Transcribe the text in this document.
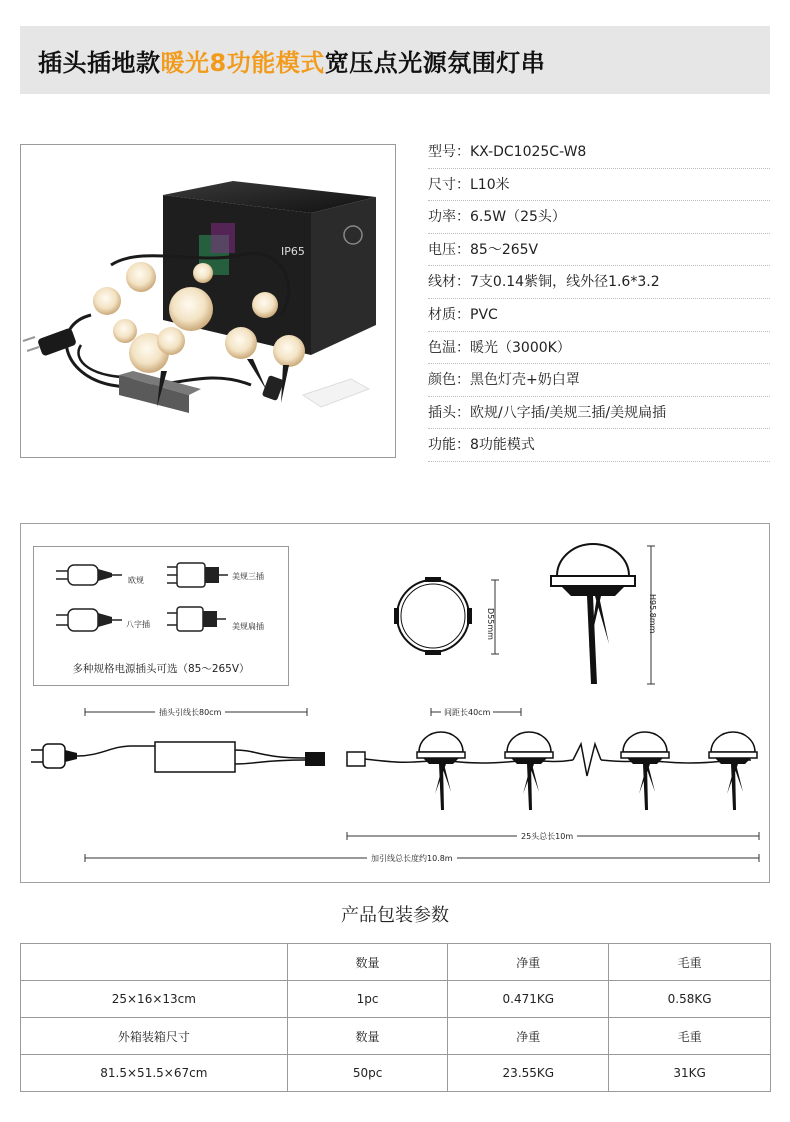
插头插地款暖光8功能模式宽压点光源氛围灯串
IP65
型号：KX-DC1025C-W8
尺寸：L10米
功率：6.5W（25头）
电压：85～265V
线材：7支0.14紫铜，线外径1.6*3.2
材质：PVC
色温：暖光（3000K）
颜色：黑色灯壳+奶白罩
插头：欧规/八字插/美规三插/美规扁插
功能：8功能模式
欧规	美规三插
八字插	美规扁插
多种规格电源插头可选（85～265V）
D55mm	H95.8mm
插头引线长80cm	间距长40cm
25头总长10m
加引线总长度约10.8m
产品包装参数
	数量	净重	毛重
25×16×13cm	1pc	0.471KG	0.58KG
外箱装箱尺寸	数量	净重	毛重
81.5×51.5×67cm	50pc	23.55KG	31KG
